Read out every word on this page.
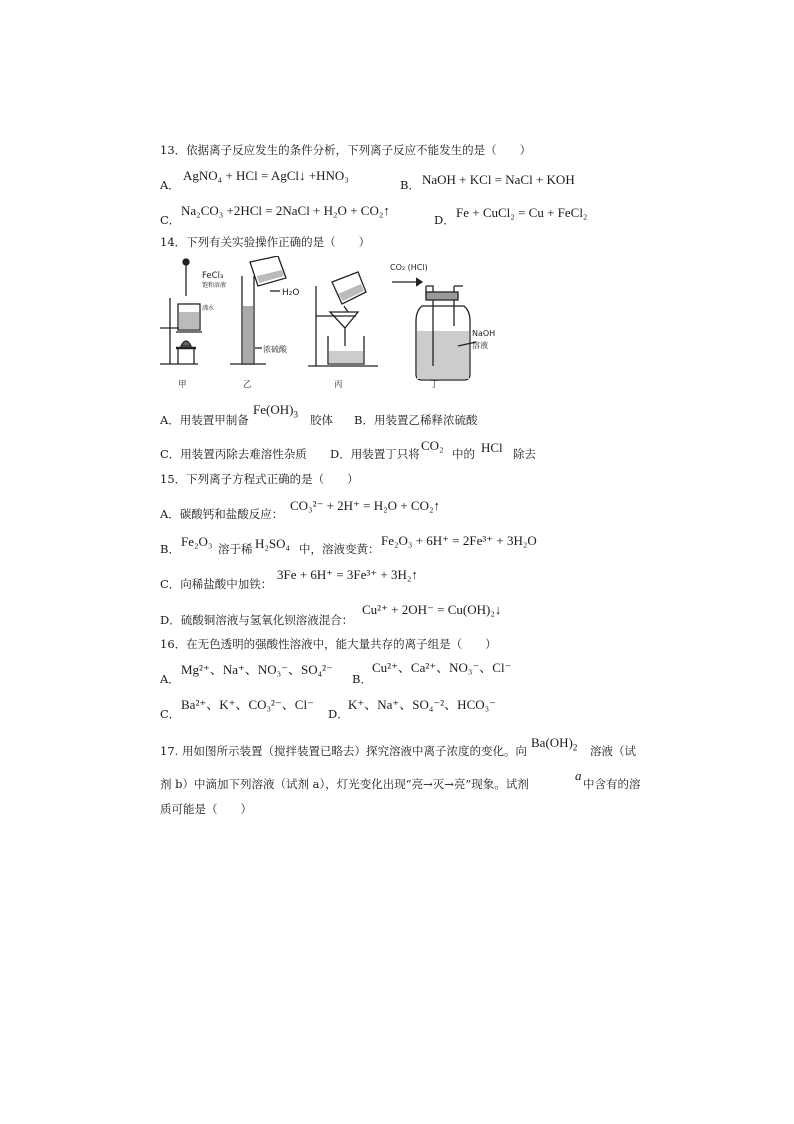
13．依据离子反应发生的条件分析，下列离子反应不能发生的是（　　）
A．
AgNO₄ + HCl = AgCl↓ +HNO₃
B． NaOH + KCl = NaCl + KOH
C．
Na₂CO₃ +2HCl = 2NaCl + H₂O + CO₂↑
D． Fe + CuCl₂ = Cu + FeCl₂
14．下列有关实验操作正确的是（　　）
FeCl₃
饱和溶液
沸水
H₂O
浓硫酸
CO₂ (HCl)
NaOH
溶液
甲	乙	丙	丁
A．用装置甲制备
$Fe(OH)_3$ 胶体 B．用装置乙稀释浓硫酸
C．用装置丙除去难溶性杂质 D．用装置丁只将
CO₂
中的 HCl 除去
15．下列离子方程式正确的是（　　）
A．碳酸钙和盐酸反应：
CO₃²⁻ + 2H⁺ = H₂O + CO₂↑
B． Fe₂O₃ 溶于稀 H₂SO₄ 中，溶液变黄：
Fe₂O₃ + 6H⁺ = 2Fe³⁺ + 3H₂O
C．向稀盐酸中加铁：
3Fe + 6H⁺ = 3Fe³⁺ + 3H₂↑
D．硫酸铜溶液与氢氧化钡溶液混合：
Cu²⁺ + 2OH⁻ = Cu(OH)₂↓
16．在无色透明的强酸性溶液中，能大量共存的离子组是（　　）
A．
Mg²⁺、Na⁺、NO₃⁻、SO₄²⁻
B．
Cu²⁺、Ca²⁺、NO₃⁻、Cl⁻
C．
Ba²⁺、K⁺、CO₃²⁻、Cl⁻
D．
K⁺、Na⁺、SO₄⁻²、HCO₃⁻
17. 用如图所示装置（搅拌装置已略去）探究溶液中离子浓度的变化。向
$Ba(OH)_2$ 溶液（试
剂 b）中滴加下列溶液（试剂 a），灯光变化出现“亮→灭→亮”现象。试剂
a
中含有的溶
质可能是（　　）
